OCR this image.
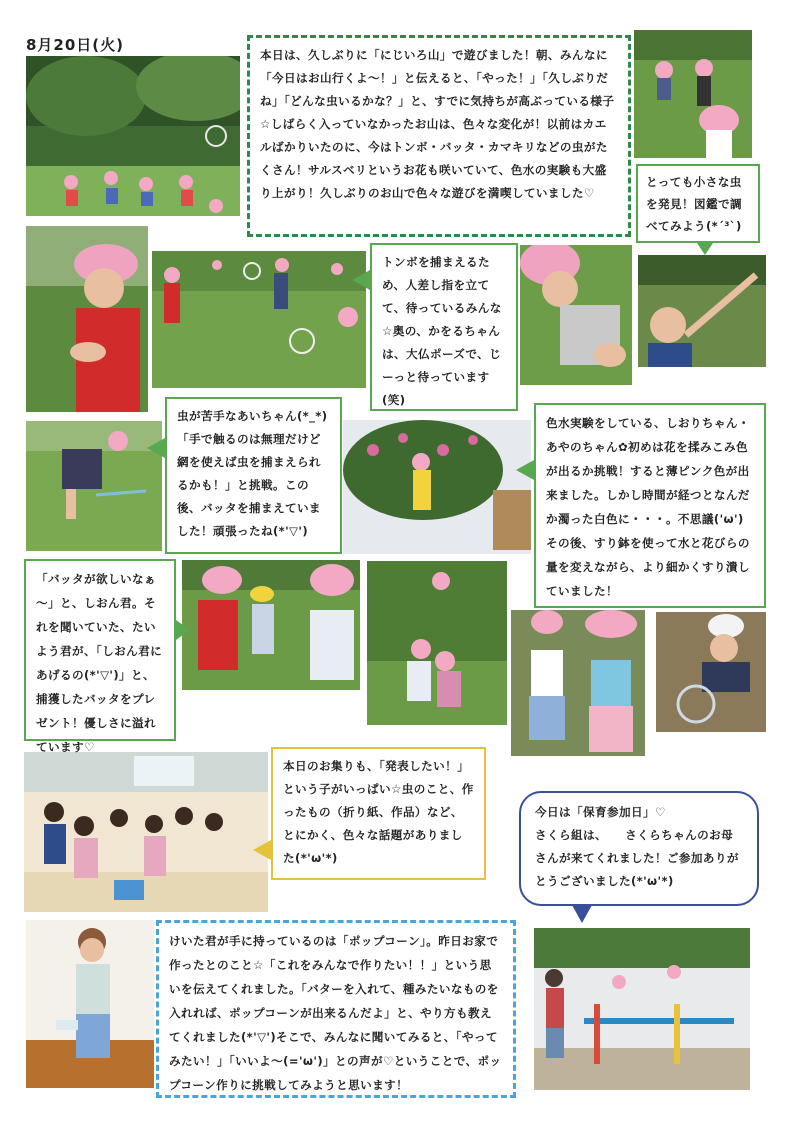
8月20日(火)
本日は、久しぶりに「にじいろ山」で遊びました！朝、みんなに「今日はお山行くよ～！」と伝えると、「やった！」「久しぶりだね」「どんな虫いるかな？」と、すでに気持ちが高ぶっている様子☆しばらく入っていなかったお山は、色々な変化が！以前はカエルばかりいたのに、今はトンボ・バッタ・カマキリなどの虫がたくさん！サルスベリというお花も咲いていて、色水の実験も大盛り上がり！久しぶりのお山で色々な遊びを満喫していました♡
とっても小さな虫を発見！図鑑で調べてみよう(*ˊ³ˋ)
トンボを捕まえるため、人差し指を立てて、待っているみんな☆奥の、かをるちゃんは、大仏ポーズで、じーっと待っています(笑)
虫が苦手なあいちゃん(*_*)「手で触るのは無理だけど網を使えば虫を捕まえられるかも！」と挑戦。この後、バッタを捕まえていました！頑張ったね(*'▽')
色水実験をしている、しおりちゃん・あやのちゃん✿初めは花を揉みこみ色が出るか挑戦！すると薄ピンク色が出来ました。しかし時間が経つとなんだか濁った白色に・・・。不思議('ω')その後、すり鉢を使って水と花びらの量を変えながら、より細かくすり潰していました！
「バッタが欲しいなぁ～」と、しおん君。それを聞いていた、たいよう君が、「しおん君にあげるの(*'▽')」と、捕獲したバッタをプレゼント！優しさに溢れています♡
本日のお集りも、「発表したい！」という子がいっぱい☆虫のこと、作ったもの（折り紙、作品）など、とにかく、色々な話題がありました(*'ω'*)
今日は「保育参加日」♡
さくら組は、　　さくらちゃんのお母さんが来てくれました！ご参加ありがとうございました(*'ω'*)
けいた君が手に持っているのは「ポップコーン」。昨日お家で作ったとのこと☆「これをみんなで作りたい！！」という思いを伝えてくれました。「バターを入れて、種みたいなものを入れれば、ポップコーンが出来るんだよ」と、やり方も教えてくれました(*'▽')そこで、みんなに聞いてみると、「やってみたい！」「いいよ～(='ω')」との声が♡ということで、ポップコーン作りに挑戦してみようと思います！
